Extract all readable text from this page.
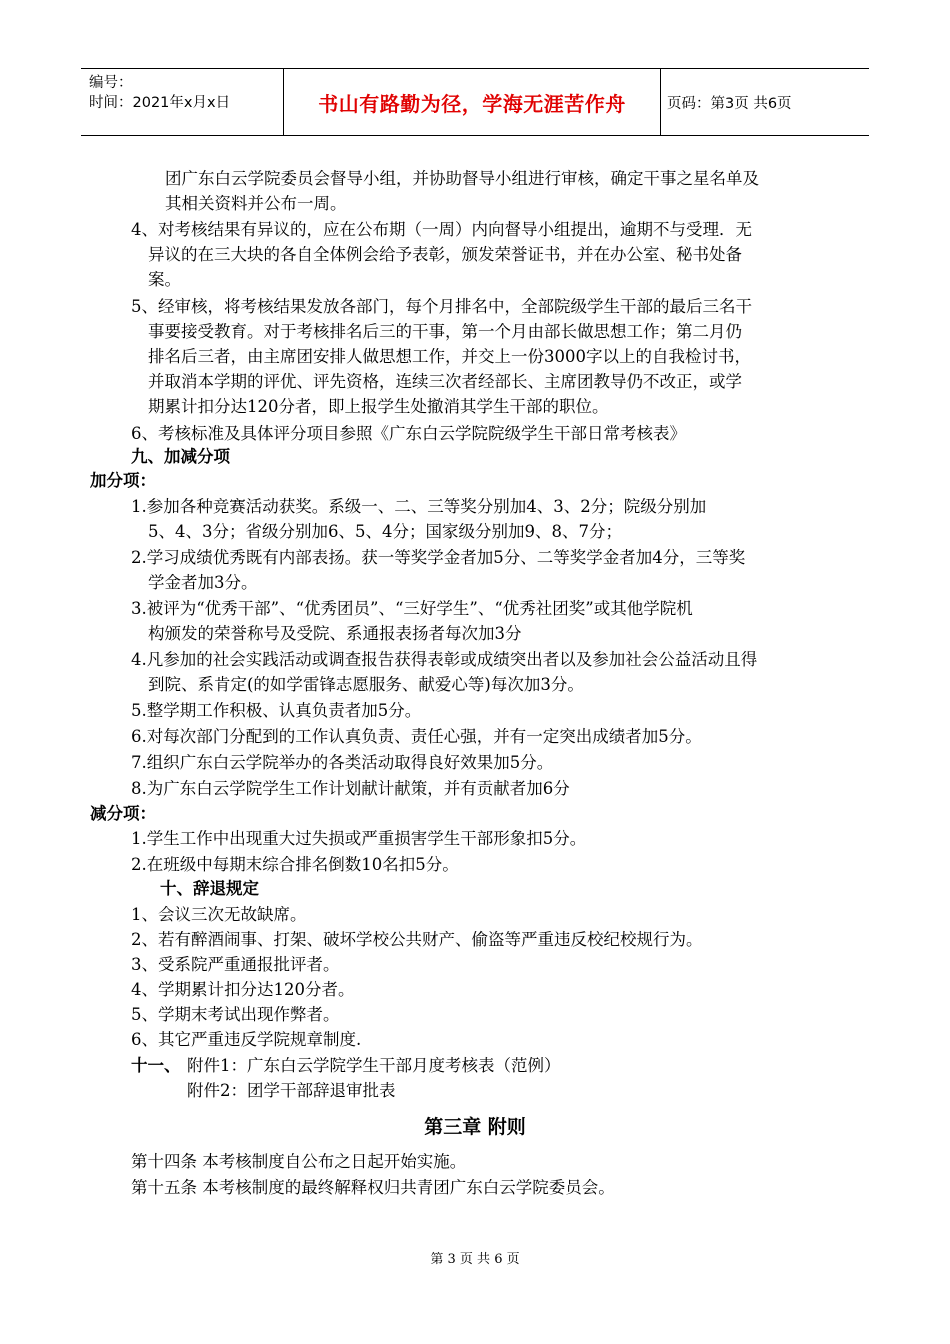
编号：
时间：2021年x月x日	书山有路勤为径，学海无涯苦作舟	页码：第3页 共6页
团广东白云学院委员会督导小组，并协助督导小组进行审核，确定干事之星名单及
其相关资料并公布一周。
4、对考核结果有异议的，应在公布期（一周）内向督导小组提出，逾期不与受理．无
异议的在三大块的各自全体例会给予表彰，颁发荣誉证书，并在办公室、秘书处备
案。
5、经审核，将考核结果发放各部门，每个月排名中，全部院级学生干部的最后三名干
事要接受教育。对于考核排名后三的干事，第一个月由部长做思想工作；第二月仍
排名后三者，由主席团安排人做思想工作，并交上一份3000字以上的自我检讨书，
并取消本学期的评优、评先资格，连续三次者经部长、主席团教导仍不改正，或学
期累计扣分达120分者，即上报学生处撤消其学生干部的职位。
6、考核标准及具体评分项目参照《广东白云学院院级学生干部日常考核表》
九、加减分项
加分项：
1.参加各种竞赛活动获奖。系级一、二、三等奖分别加4、3、2分；院级分别加
5、4、3分；省级分别加6、5、4分；国家级分别加9、8、7分；
2.学习成绩优秀既有内部表扬。获一等奖学金者加5分、二等奖学金者加4分，三等奖
学金者加3分。
3.被评为“优秀干部”、“优秀团员”、“三好学生”、“优秀社团奖”或其他学院机
构颁发的荣誉称号及受院、系通报表扬者每次加3分
4.凡参加的社会实践活动或调查报告获得表彰或成绩突出者以及参加社会公益活动且得
到院、系肯定(的如学雷锋志愿服务、献爱心等)每次加3分。
5.整学期工作积极、认真负责者加5分。
6.对每次部门分配到的工作认真负责、责任心强，并有一定突出成绩者加5分。
7.组织广东白云学院举办的各类活动取得良好效果加5分。
8.为广东白云学院学生工作计划献计献策，并有贡献者加6分
减分项：
1.学生工作中出现重大过失损或严重损害学生干部形象扣5分。
2.在班级中每期末综合排名倒数10名扣5分。
十、辞退规定
1、会议三次无故缺席。
2、若有醉酒闹事、打架、破坏学校公共财产、偷盗等严重违反校纪校规行为。
3、受系院严重通报批评者。
4、学期累计扣分达120分者。
5、学期末考试出现作弊者。
6、其它严重违反学院规章制度.
十一、 附件1：广东白云学院学生干部月度考核表（范例）
附件2：团学干部辞退审批表
第三章 附则
第十四条 本考核制度自公布之日起开始实施。
第十五条 本考核制度的最终解释权归共青团广东白云学院委员会。
第 3 页 共 6 页
